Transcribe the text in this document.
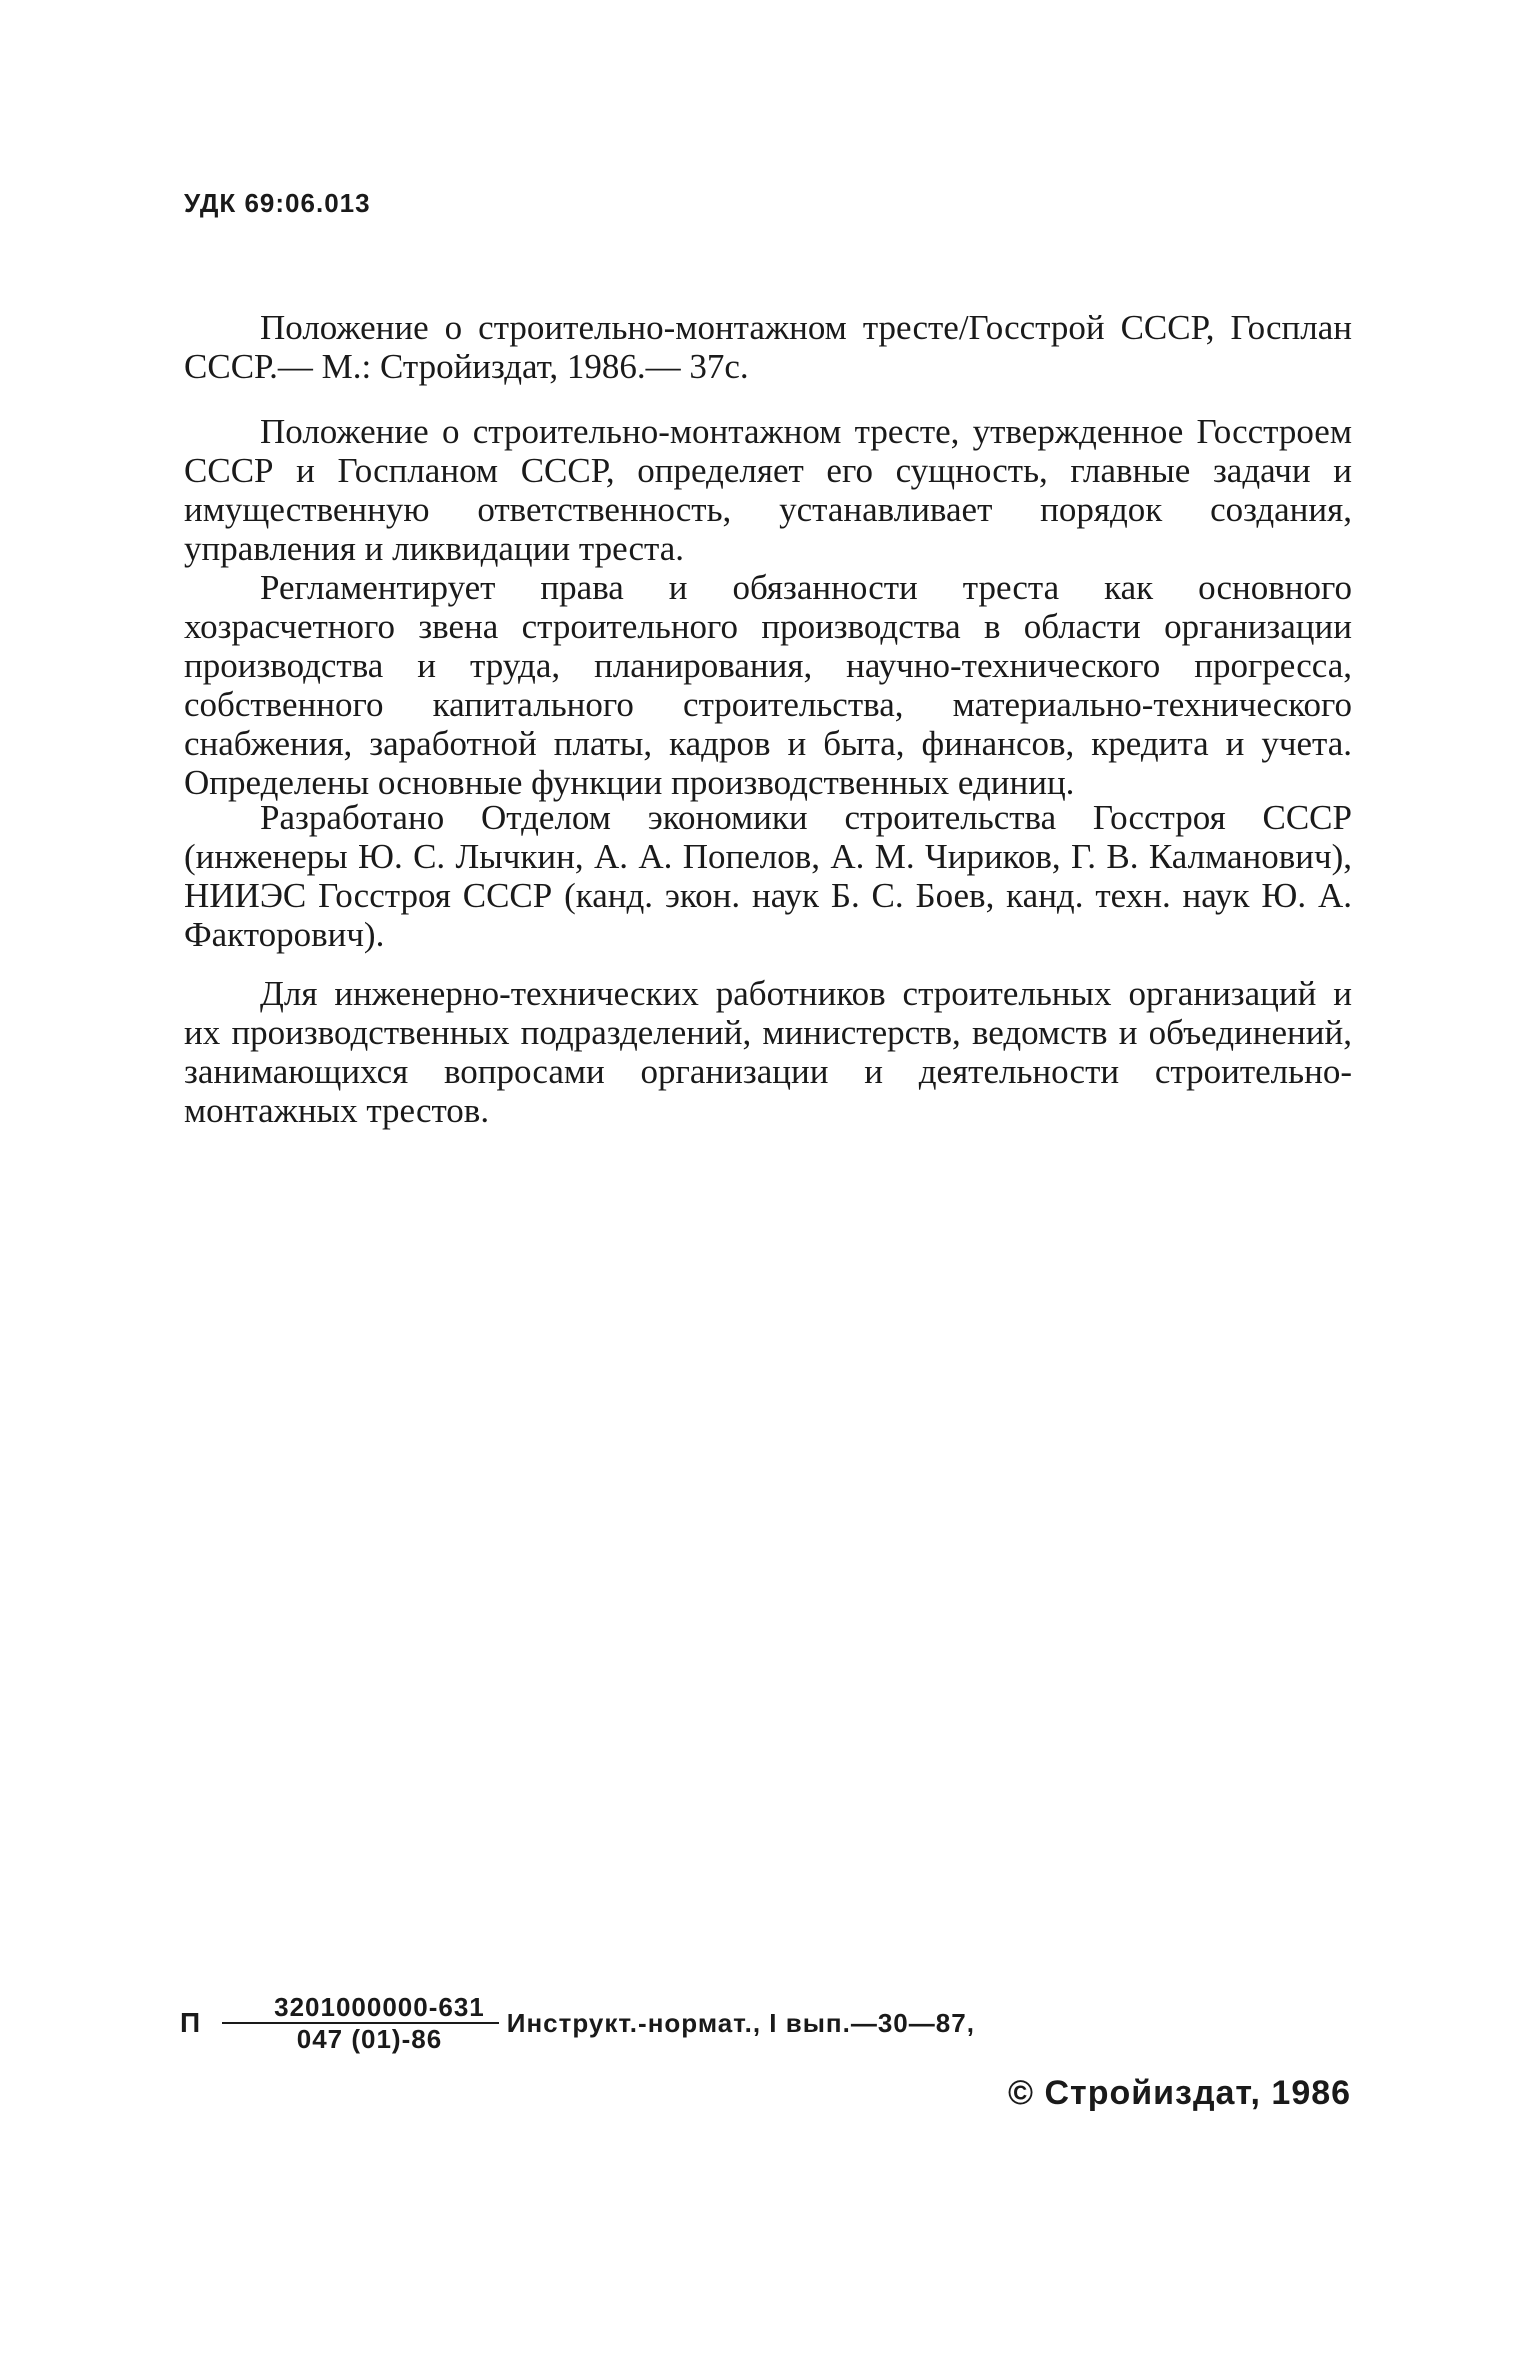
УДК 69:06.013

Положение о строительно-монтажном тресте/Госстрой СССР, Госплан СССР.— М.: Стройиздат, 1986.— 37с.

Положение о строительно-монтажном тресте, утвержденное Госстроем СССР и Госпланом СССР, определяет его сущность, главные задачи и имущественную ответственность, устанавливает порядок создания, управления и ликвидации треста.

Регламентирует права и обязанности треста как основного хозрасчетного звена строительного производства в области организации производства и труда, планирования, научно-технического прогресса, собственного капитального строительства, материально-технического снабжения, заработной платы, кадров и быта, финансов, кредита и учета. Определены основные функции производственных единиц.

Разработано Отделом экономики строительства Госстроя СССР (инженеры Ю. С. Лычкин, А. А. Попелов, А. М. Чириков, Г. В. Калманович), НИИЭС Госстроя СССР (канд. экон. наук Б. С. Боев, канд. техн. наук Ю. А. Факторович).

Для инженерно-технических работников строительных организаций и их производственных подразделений, министерств, ведомств и объединений, занимающихся вопросами организации и деятельности строительно-монтажных трестов.

П $\frac{3201000000-631}{047 (01)-86}$ Инструкт.-нормат., I вып.—30—87,
© Стройиздат, 1986
